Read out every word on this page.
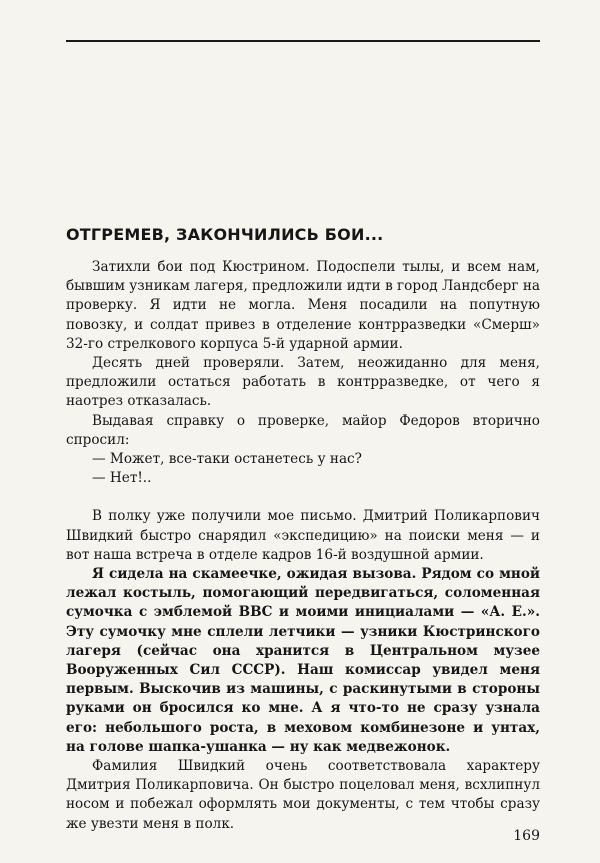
ОТГРЕМЕВ, ЗАКОНЧИЛИСЬ БОИ...

Затихли бои под Кюстрином. Подоспели тылы, и всем нам, бывшим узникам лагеря, предложили идти в город Ландсберг на проверку. Я идти не могла. Меня посадили на попутную повозку, и солдат привез в отделение контрразведки «Смерш» 32-го стрелкового корпуса 5-й ударной армии.

Десять дней проверяли. Затем, неожиданно для меня, предложили остаться работать в контрразведке, от чего я наотрез отказалась.

Выдавая справку о проверке, майор Федоров вторично спросил:

— Может, все-таки останетесь у нас?

— Нет!..

В полку уже получили мое письмо. Дмитрий Поликарпович Швидкий быстро снарядил «экспедицию» на поиски меня — и вот наша встреча в отделе кадров 16-й воздушной армии.

Я сидела на скамеечке, ожидая вызова. Рядом со мной лежал костыль, помогающий передвигаться, соломенная сумочка с эмблемой ВВС и моими инициалами — «А. Е.». Эту сумочку мне сплели летчики — узники Кюстринского лагеря (сейчас она хранится в Центральном музее Вооруженных Сил СССР). Наш комиссар увидел меня первым. Выскочив из машины, с раскинутыми в стороны руками он бросился ко мне. А я что-то не сразу узнала его: небольшого роста, в меховом комбинезоне и унтах, на голове шапка-ушанка — ну как медвежонок.

Фамилия Швидкий очень соответствовала характеру Дмитрия Поликарповича. Он быстро поцеловал меня, всхлипнул носом и побежал оформлять мои документы, с тем чтобы сразу же увезти меня в полк.

169
